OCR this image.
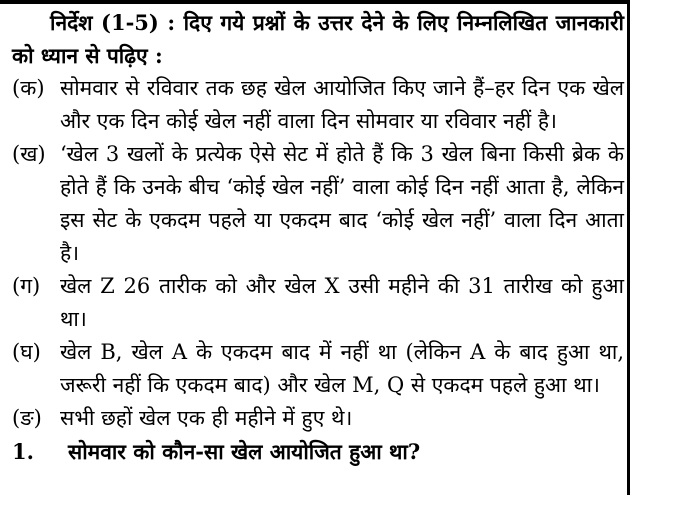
निर्देश (1-5) : दिए गये प्रश्नों के उत्तर देने के लिए निम्नलिखित जानकारी को ध्यान से पढ़िए :

(क) सोमवार से रविवार तक छह खेल आयोजित किए जाने हैं–हर दिन एक खेल और एक दिन कोई खेल नहीं वाला दिन सोमवार या रविवार नहीं है।
(ख) ‘खेल 3 खलों के प्रत्येक ऐसे सेट में होते हैं कि 3 खेल बिना किसी ब्रेक के होते हैं कि उनके बीच ‘कोई खेल नहीं’ वाला कोई दिन नहीं आता है, लेकिन इस सेट के एकदम पहले या एकदम बाद ‘कोई खेल नहीं’ वाला दिन आता है।
(ग) खेल Z 26 तारीक को और खेल X उसी महीने की 31 तारीख को हुआ था।
(घ) खेल B, खेल A के एकदम बाद में नहीं था (लेकिन A के बाद हुआ था, जरूरी नहीं कि एकदम बाद) और खेल M, Q से एकदम पहले हुआ था।
(ङ) सभी छहों खेल एक ही महीने में हुए थे।
1.	सोमवार को कौन-सा खेल आयोजित हुआ था?
